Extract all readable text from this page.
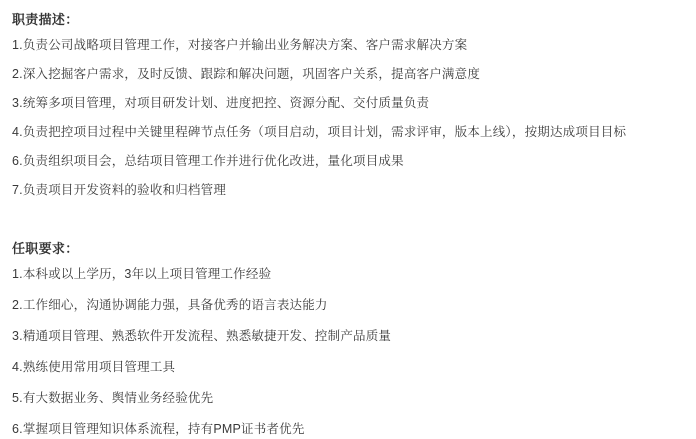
职责描述：
1.负责公司战略项目管理工作，对接客户并输出业务解决方案、客户需求解决方案
2.深入挖掘客户需求，及时反馈、跟踪和解决问题，巩固客户关系，提高客户满意度
3.统筹多项目管理，对项目研发计划、进度把控、资源分配、交付质量负责
4.负责把控项目过程中关键里程碑节点任务（项目启动，项目计划，需求评审，版本上线），按期达成项目目标
6.负责组织项目会，总结项目管理工作并进行优化改进，量化项目成果
7.负责项目开发资料的验收和归档管理
任职要求：
1.本科或以上学历，3年以上项目管理工作经验
2.工作细心，沟通协调能力强，具备优秀的语言表达能力
3.精通项目管理、熟悉软件开发流程、熟悉敏捷开发、控制产品质量
4.熟练使用常用项目管理工具
5.有大数据业务、舆情业务经验优先
6.掌握项目管理知识体系流程，持有PMP证书者优先
